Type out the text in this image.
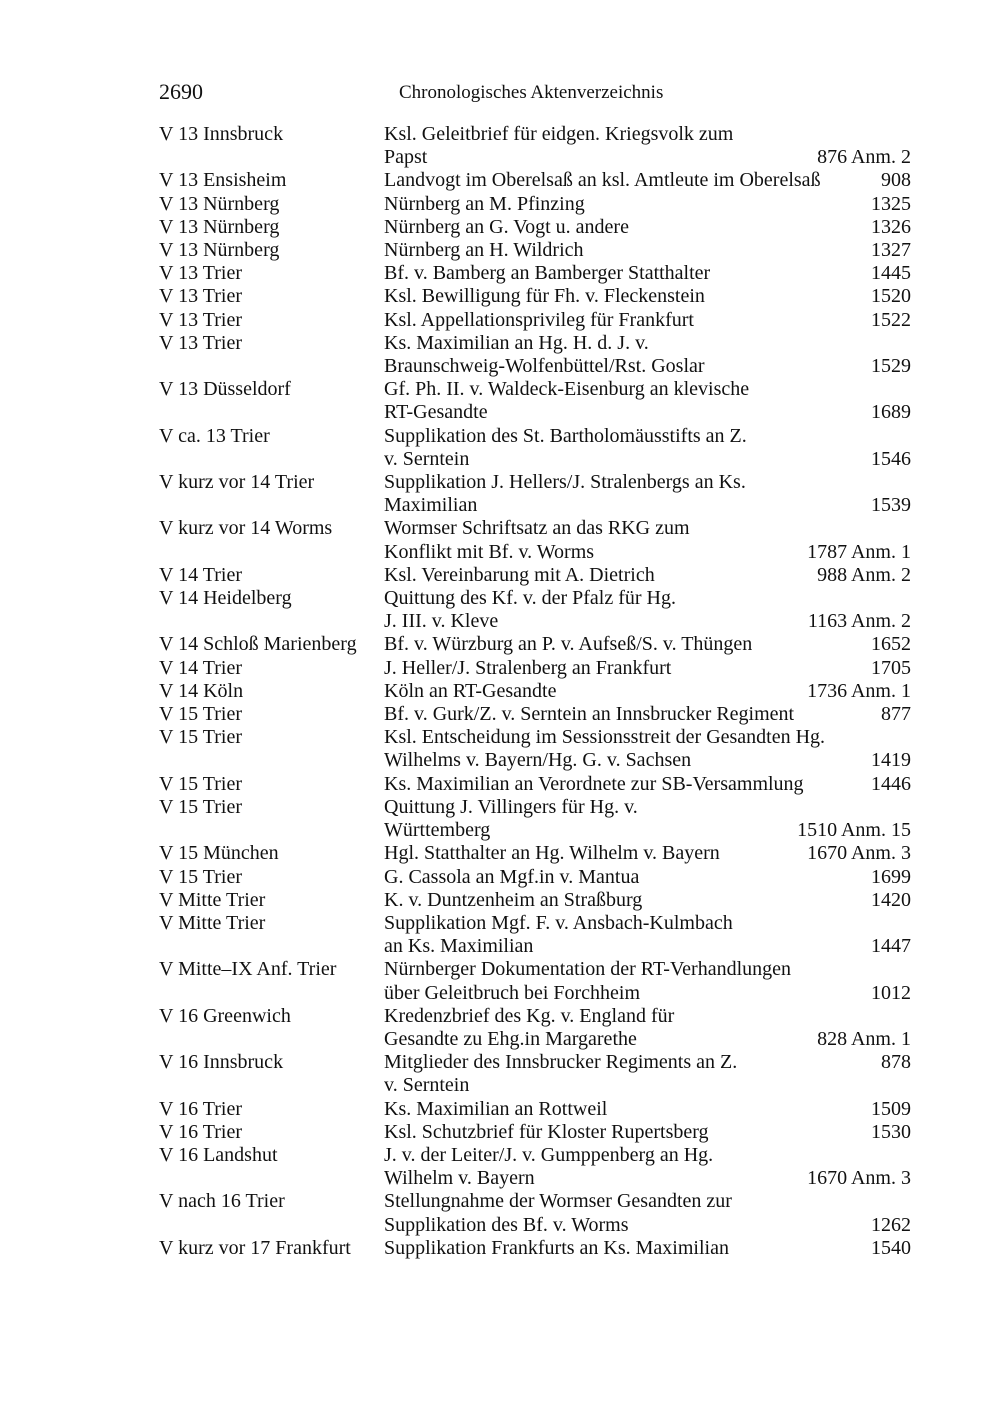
2690	Chronologisches Aktenverzeichnis
V 13 Innsbruck	Ksl. Geleitbrief für eidgen. Kriegsvolk zum
Papst	876 Anm. 2
V 13 Ensisheim	Landvogt im Oberelsaß an ksl. Amtleute im Oberelsaß	908
V 13 Nürnberg	Nürnberg an M. Pfinzing	1325
V 13 Nürnberg	Nürnberg an G. Vogt u. andere	1326
V 13 Nürnberg	Nürnberg an H. Wildrich	1327
V 13 Trier	Bf. v. Bamberg an Bamberger Statthalter	1445
V 13 Trier	Ksl. Bewilligung für Fh. v. Fleckenstein	1520
V 13 Trier	Ksl. Appellationsprivileg für Frankfurt	1522
V 13 Trier	Ks. Maximilian an Hg. H. d. J. v.
Braunschweig-Wolfenbüttel/Rst. Goslar	1529
V 13 Düsseldorf	Gf. Ph. II. v. Waldeck-Eisenburg an klevische
RT-Gesandte	1689
V ca. 13 Trier	Supplikation des St. Bartholomäusstifts an Z.
v. Serntein	1546
V kurz vor 14 Trier	Supplikation J. Hellers/J. Stralenbergs an Ks.
Maximilian	1539
V kurz vor 14 Worms	Wormser Schriftsatz an das RKG zum
Konflikt mit Bf. v. Worms	1787 Anm. 1
V 14 Trier	Ksl. Vereinbarung mit A. Dietrich	988 Anm. 2
V 14 Heidelberg	Quittung des Kf. v. der Pfalz für Hg.
J. III. v. Kleve	1163 Anm. 2
V 14 Schloß Marienberg	Bf. v. Würzburg an P. v. Aufseß/S. v. Thüngen	1652
V 14 Trier	J. Heller/J. Stralenberg an Frankfurt	1705
V 14 Köln	Köln an RT-Gesandte	1736 Anm. 1
V 15 Trier	Bf. v. Gurk/Z. v. Serntein an Innsbrucker Regiment	877
V 15 Trier	Ksl. Entscheidung im Sessionsstreit der Gesandten Hg.
Wilhelms v. Bayern/Hg. G. v. Sachsen	1419
V 15 Trier	Ks. Maximilian an Verordnete zur SB-Versammlung	1446
V 15 Trier	Quittung J. Villingers für Hg. v.
Württemberg	1510 Anm. 15
V 15 München	Hgl. Statthalter an Hg. Wilhelm v. Bayern	1670 Anm. 3
V 15 Trier	G. Cassola an Mgf.in v. Mantua	1699
V Mitte Trier	K. v. Duntzenheim an Straßburg	1420
V Mitte Trier	Supplikation Mgf. F. v. Ansbach-Kulmbach
an Ks. Maximilian	1447
V Mitte–IX Anf. Trier	Nürnberger Dokumentation der RT-Verhandlungen
über Geleitbruch bei Forchheim	1012
V 16 Greenwich	Kredenzbrief des Kg. v. England für
Gesandte zu Ehg.in Margarethe	828 Anm. 1
V 16 Innsbruck	Mitglieder des Innsbrucker Regiments an Z.	878
v. Serntein
V 16 Trier	Ks. Maximilian an Rottweil	1509
V 16 Trier	Ksl. Schutzbrief für Kloster Rupertsberg	1530
V 16 Landshut	J. v. der Leiter/J. v. Gumppenberg an Hg.
Wilhelm v. Bayern	1670 Anm. 3
V nach 16 Trier	Stellungnahme der Wormser Gesandten zur
Supplikation des Bf. v. Worms	1262
V kurz vor 17 Frankfurt	Supplikation Frankfurts an Ks. Maximilian	1540
